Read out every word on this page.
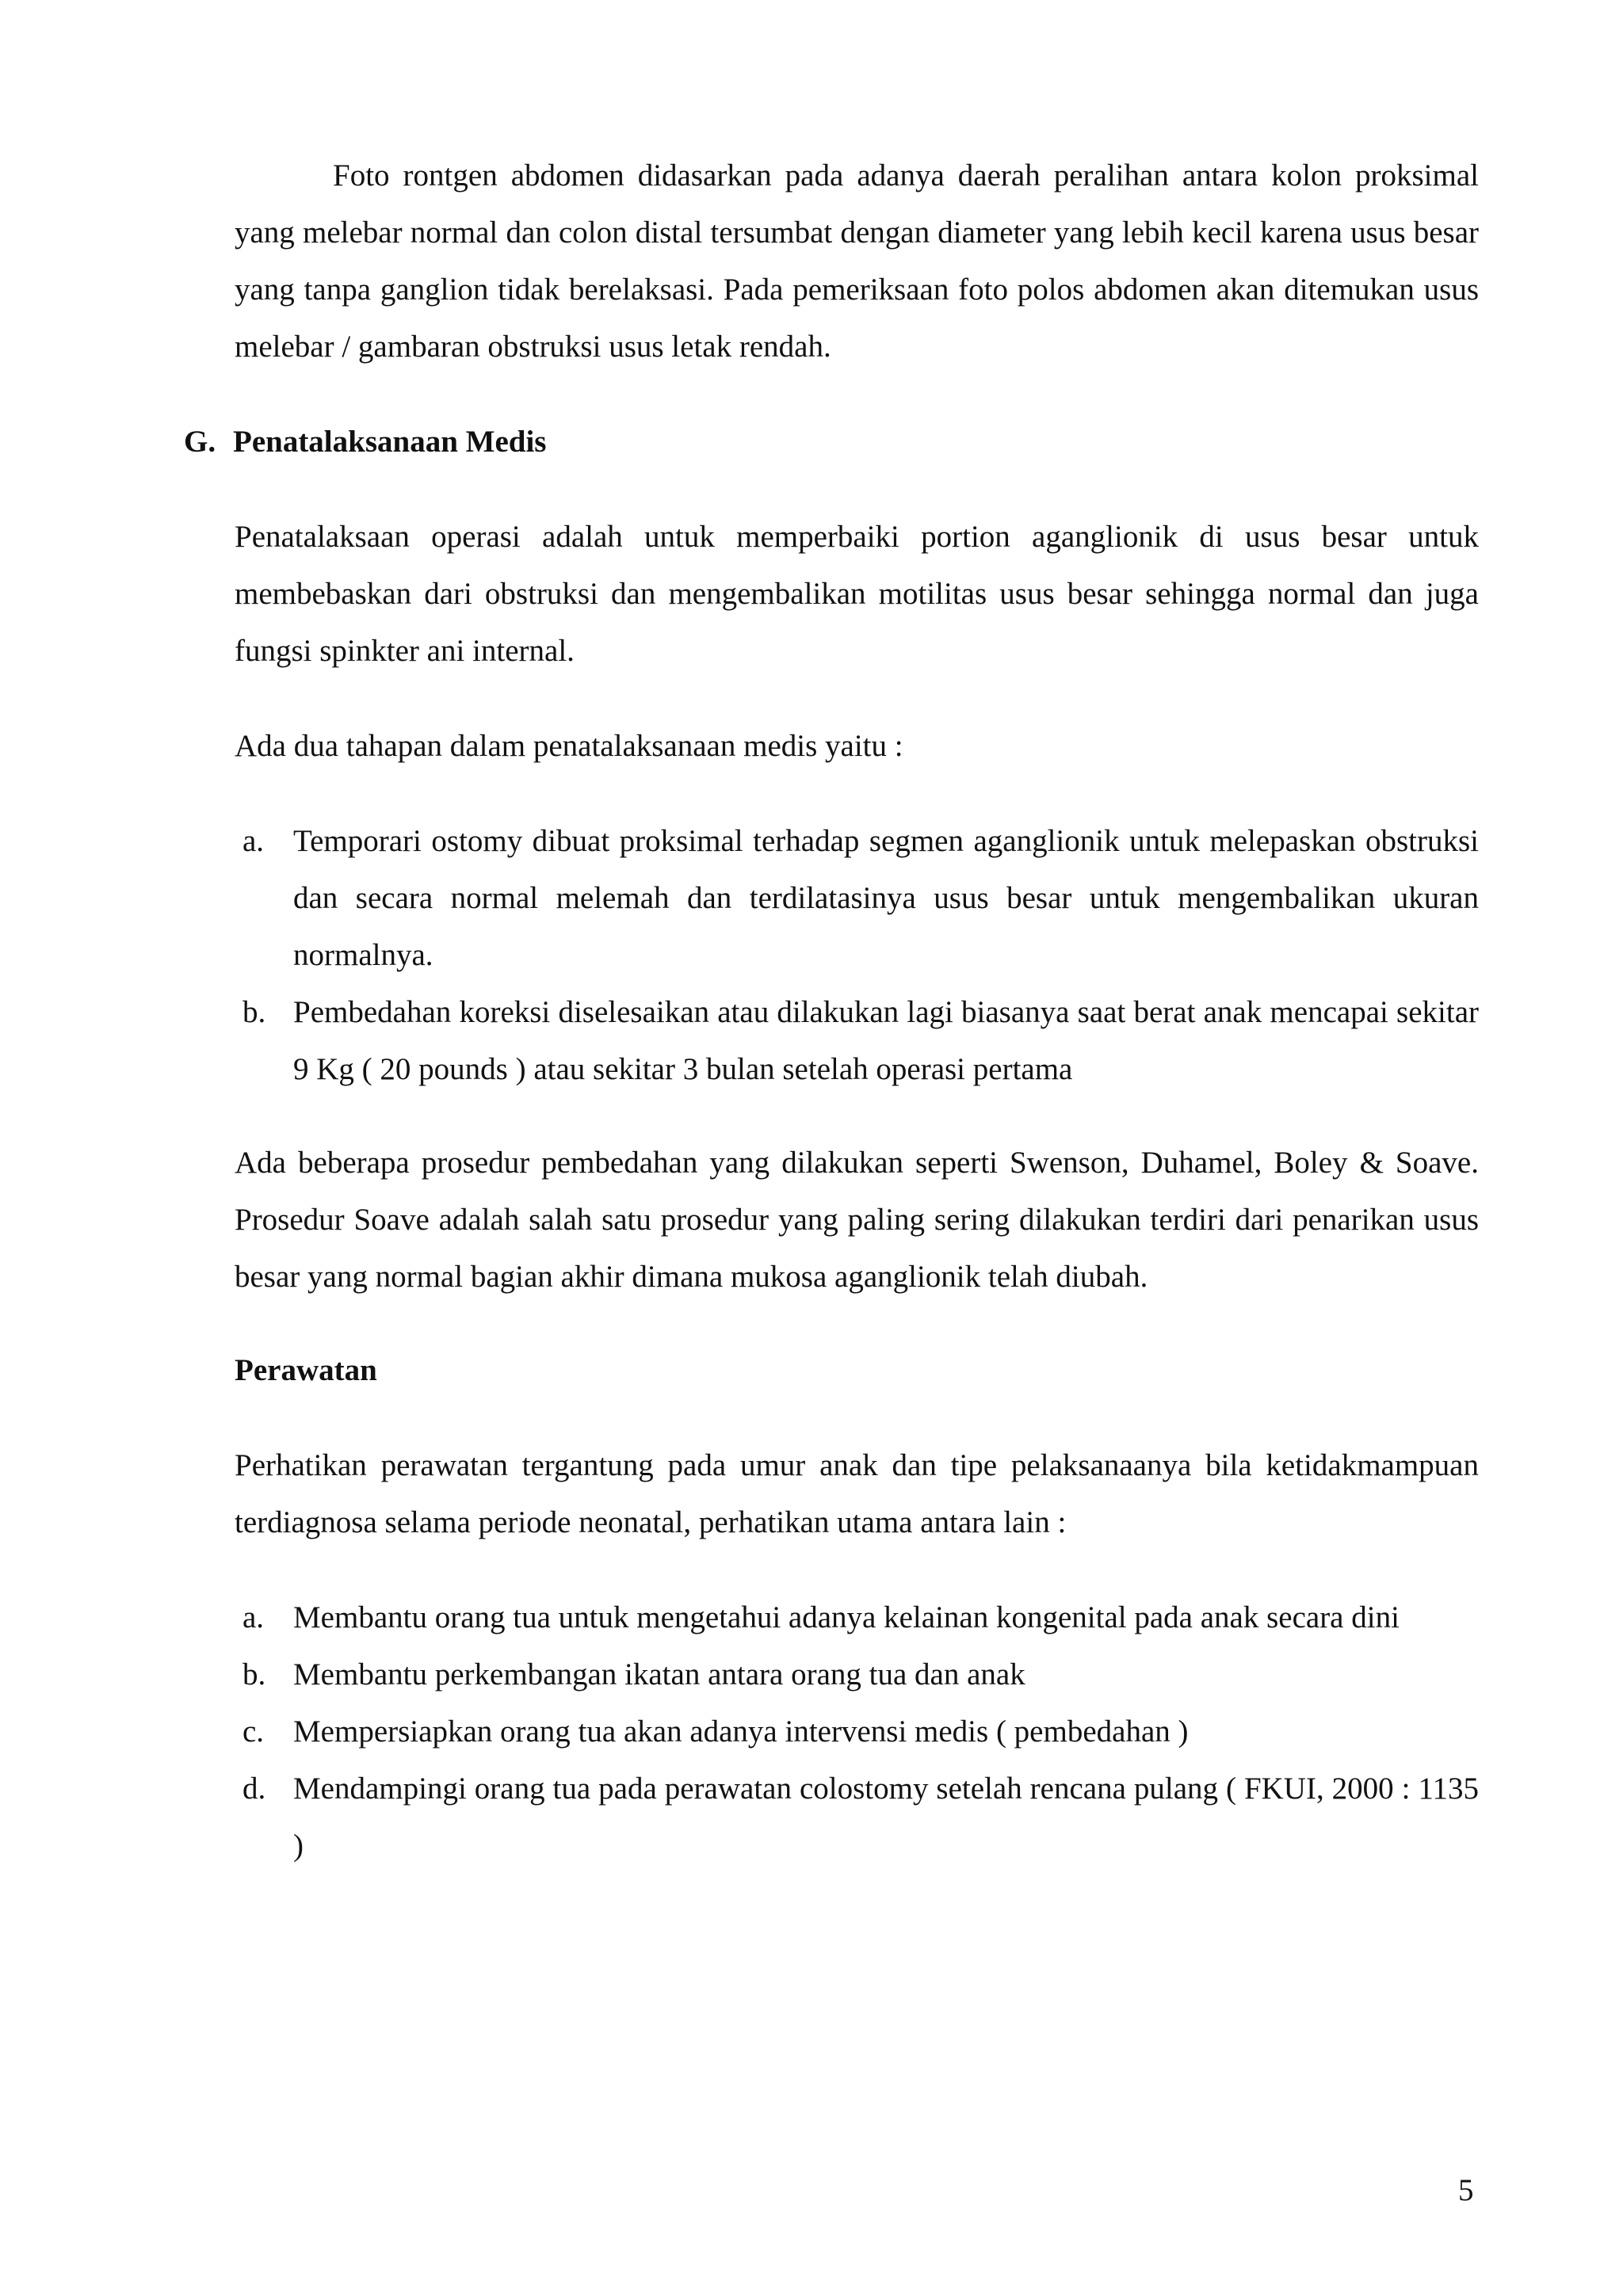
Foto rontgen abdomen didasarkan pada adanya daerah peralihan antara kolon proksimal yang melebar normal dan colon distal tersumbat dengan diameter yang lebih kecil karena usus besar yang tanpa ganglion tidak berelaksasi. Pada pemeriksaan foto polos abdomen akan ditemukan usus melebar / gambaran obstruksi usus letak rendah.

G. Penatalaksanaan Medis

Penatalaksaan operasi adalah untuk memperbaiki portion aganglionik di usus besar untuk membebaskan dari obstruksi dan mengembalikan motilitas usus besar sehingga normal dan juga fungsi spinkter ani internal.

Ada dua tahapan dalam penatalaksanaan medis yaitu :

a. Temporari ostomy dibuat proksimal terhadap segmen aganglionik untuk melepaskan obstruksi dan secara normal melemah dan terdilatasinya usus besar untuk mengembalikan ukuran normalnya.
b. Pembedahan koreksi diselesaikan atau dilakukan lagi biasanya saat berat anak mencapai sekitar 9 Kg ( 20 pounds ) atau sekitar 3 bulan setelah operasi pertama

Ada beberapa prosedur pembedahan yang dilakukan seperti Swenson, Duhamel, Boley & Soave. Prosedur Soave adalah salah satu prosedur yang paling sering dilakukan terdiri dari penarikan usus besar yang normal bagian akhir dimana mukosa aganglionik telah diubah.

Perawatan

Perhatikan perawatan tergantung pada umur anak dan tipe pelaksanaanya bila ketidakmampuan terdiagnosa selama periode neonatal, perhatikan utama antara lain :

a. Membantu orang tua untuk mengetahui adanya kelainan kongenital pada anak secara dini
b. Membantu perkembangan ikatan antara orang tua dan anak
c. Mempersiapkan orang tua akan adanya intervensi medis ( pembedahan )
d. Mendampingi orang tua pada perawatan colostomy setelah rencana pulang ( FKUI, 2000 : 1135 )
5
